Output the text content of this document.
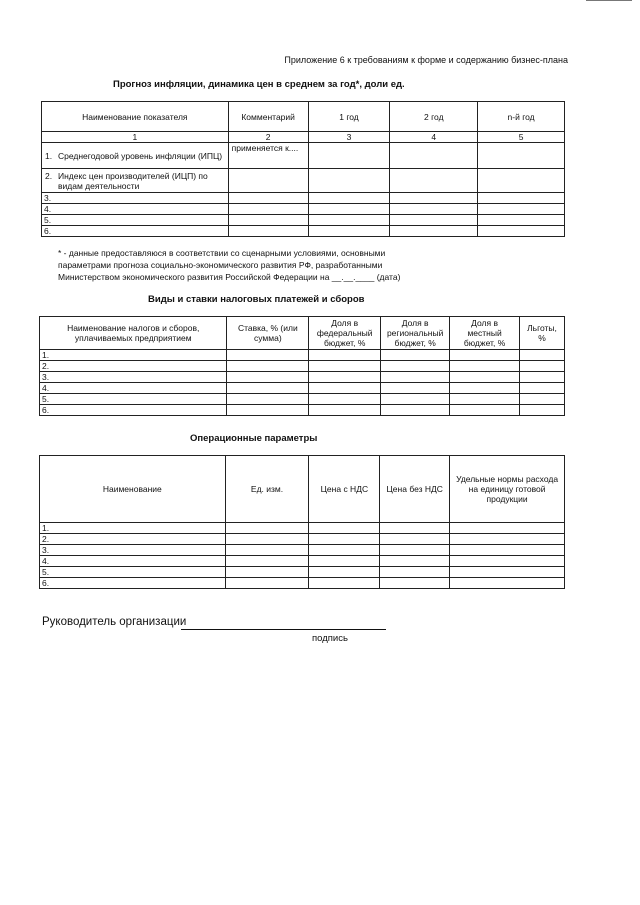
Приложение 6 к требованиям к форме и содержанию бизнес-плана
Прогноз инфляции, динамика цен в среднем за год*, доли ед.
Наименование показателя	Комментарий	1 год	2 год	n-й год
1	2	3	4	5

1. Среднегодовой уровень инфляции (ИПЦ)	применяется к....			

2. Индекс цен производителей (ИЦП) по видам деятельности				

3.				
4.				
5.				
6.				
* - данные предоставляюся в соответствии со сценарными условиями, основными
параметрами прогноза социально-экономического развития РФ, разработанными
Министерством экономического развития Российской Федерации на __.__.____ (дата)
Виды и ставки налоговых платежей и сборов
Наименование налогов и сборов, уплачиваемых предприятием	Ставка, % (или сумма)	Доля в федеральный бюджет, %	Доля в региональный бюджет, %	Доля в местный бюджет, %	Льготы, %
1.					
2.					
3.					
4.					
5.					
6.					
Операционные параметры
Наименование	Ед. изм.	Цена с НДС	Цена без НДС	Удельные нормы расхода на единицу готовой продукции
1.				
2.				
3.				
4.				
5.				
6.				
Руководитель организации
подпись
